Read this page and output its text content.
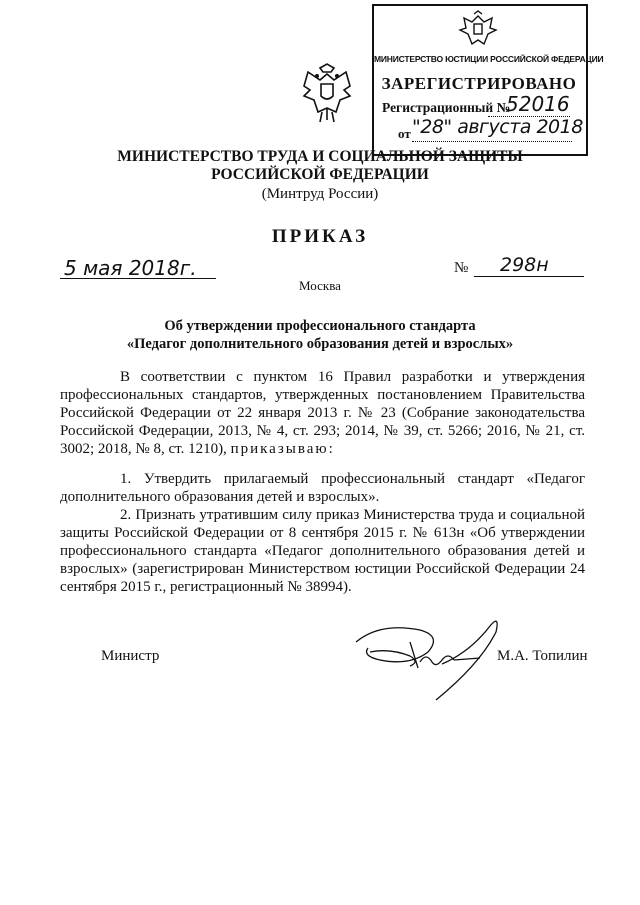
МИНИСТЕРСТВО ЮСТИЦИИ РОССИЙСКОЙ ФЕДЕРАЦИИ
ЗАРЕГИСТРИРОВАНО
Регистрационный №
52016
от "28" августа 2018
МИНИСТЕРСТВО ТРУДА И СОЦИАЛЬНОЙ ЗАЩИТЫ
РОССИЙСКОЙ ФЕДЕРАЦИИ
(Минтруд России)
ПРИКАЗ
5 мая 2018г.	№ 298н
Москва
Об утверждении профессионального стандарта
«Педагог дополнительного образования детей и взрослых»
В соответствии с пунктом 16 Правил разработки и утверждения профессиональных стандартов, утвержденных постановлением Правительства Российской Федерации от 22 января 2013 г. № 23 (Собрание законодательства Российской Федерации, 2013, № 4, ст. 293; 2014, № 39, ст. 5266; 2016, № 21, ст. 3002; 2018, № 8, ст. 1210), приказываю:
1. Утвердить прилагаемый профессиональный стандарт «Педагог дополнительного образования детей и взрослых».
2. Признать утратившим силу приказ Министерства труда и социальной защиты Российской Федерации от 8 сентября 2015 г. № 613н «Об утверждении профессионального стандарта «Педагог дополнительного образования детей и взрослых» (зарегистрирован Министерством юстиции Российской Федерации 24 сентября 2015 г., регистрационный № 38994).
Министр	М.А. Топилин
